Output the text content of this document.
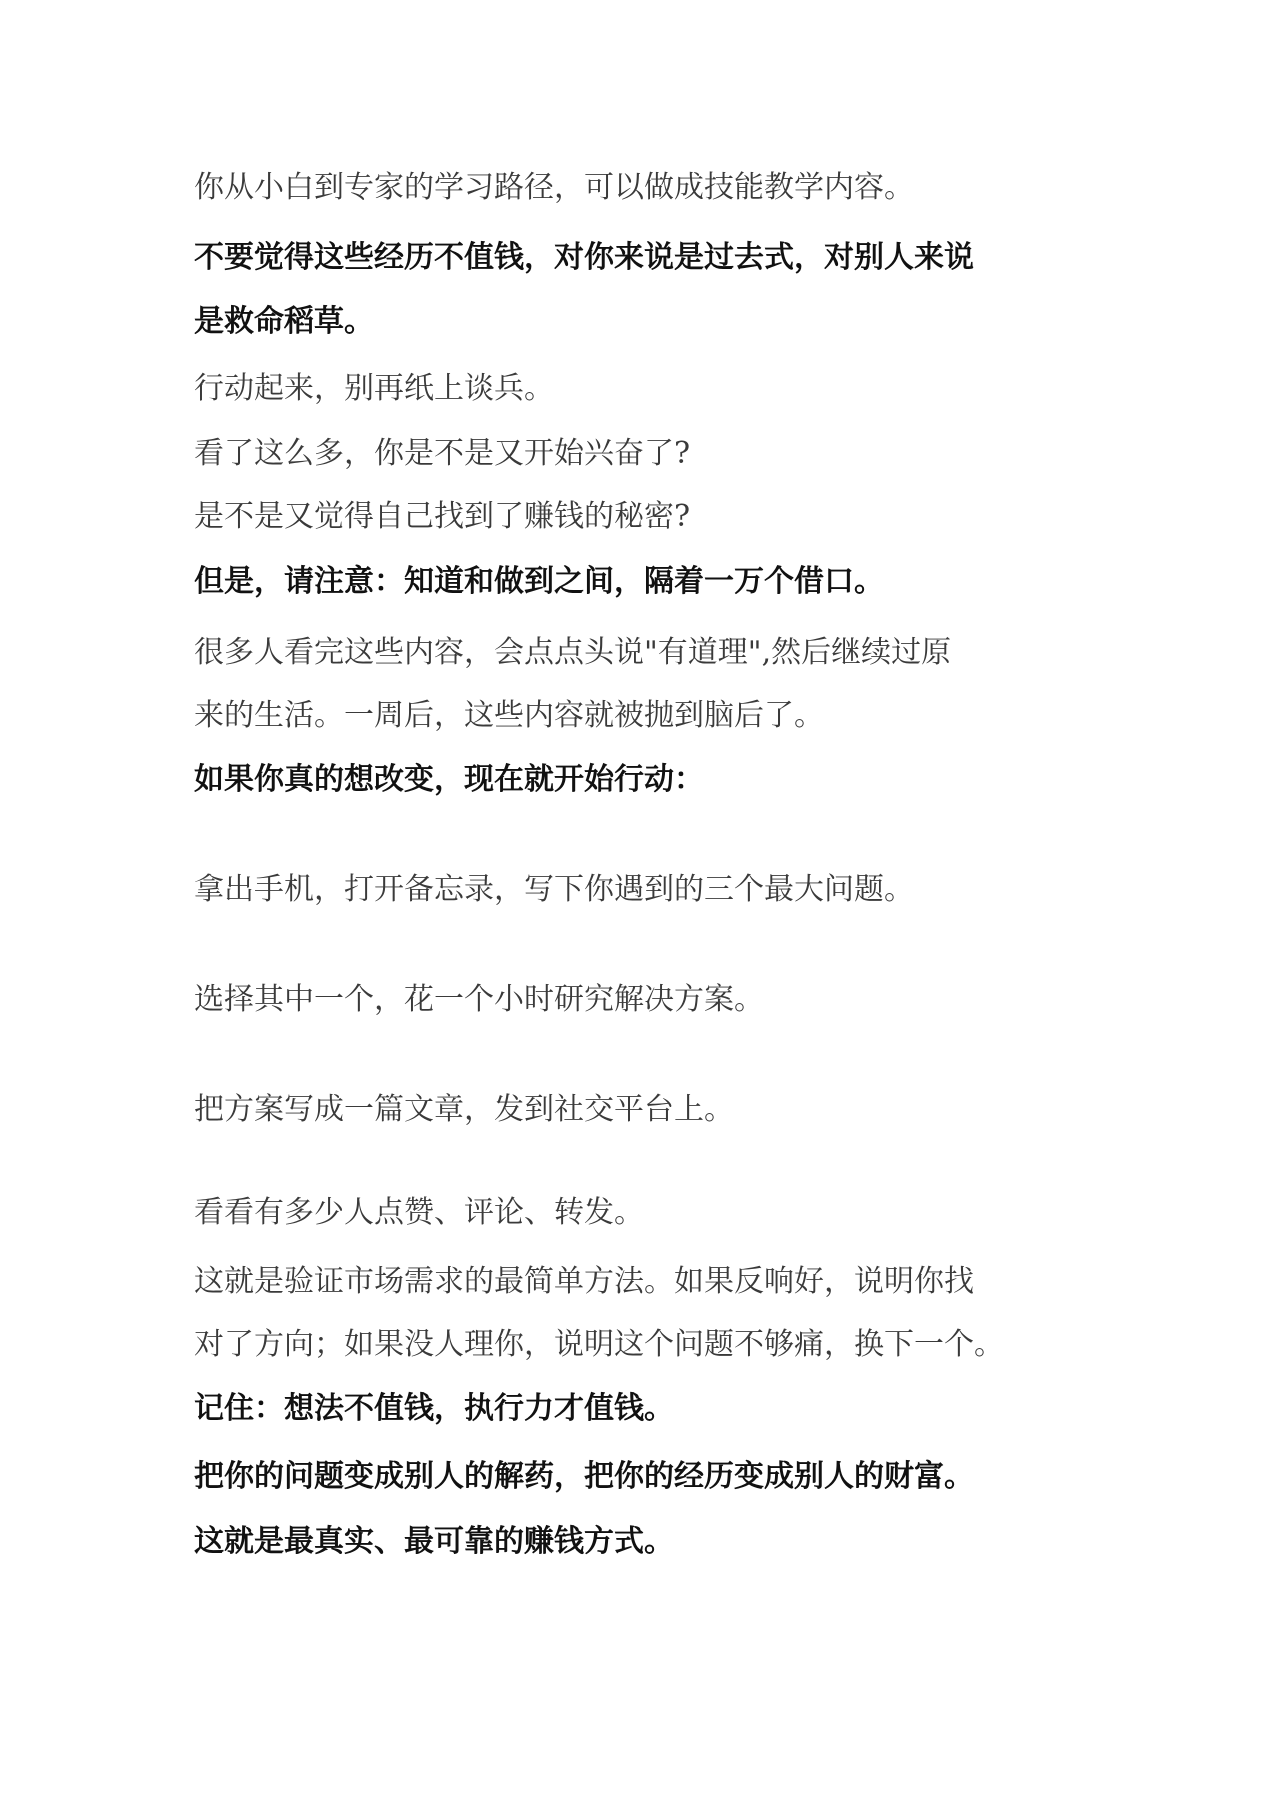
你从小白到专家的学习路径，可以做成技能教学内容。
不要觉得这些经历不值钱，对你来说是过去式，对别人来说
是救命稻草。
行动起来，别再纸上谈兵。
看了这么多，你是不是又开始兴奋了?
是不是又觉得自己找到了赚钱的秘密?
但是，请注意：知道和做到之间，隔着一万个借口。
很多人看完这些内容，会点点头说"有道理",然后继续过原
来的生活。一周后，这些内容就被抛到脑后了。
如果你真的想改变，现在就开始行动：
拿出手机，打开备忘录，写下你遇到的三个最大问题。
选择其中一个，花一个小时研究解决方案。
把方案写成一篇文章，发到社交平台上。
看看有多少人点赞、评论、转发。
这就是验证市场需求的最简单方法。如果反响好，说明你找
对了方向；如果没人理你，说明这个问题不够痛，换下一个。
记住：想法不值钱，执行力才值钱。
把你的问题变成别人的解药，把你的经历变成别人的财富。
这就是最真实、最可靠的赚钱方式。
